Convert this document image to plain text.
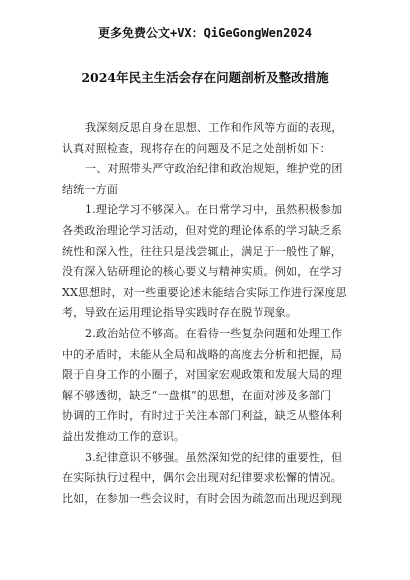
更多免费公文+VX：QiGeGongWen2024
2024年民主生活会存在问题剖析及整改措施
我深刻反思自身在思想、工作和作风等方面的表现，
认真对照检查，现将存在的问题及不足之处剖析如下：
一、对照带头严守政治纪律和政治规矩，维护党的团
结统一方面
1.理论学习不够深入。在日常学习中，虽然积极参加
各类政治理论学习活动，但对党的理论体系的学习缺乏系
统性和深入性，往往只是浅尝辄止，满足于一般性了解，
没有深入钻研理论的核心要义与精神实质。例如，在学习
XX思想时，对一些重要论述未能结合实际工作进行深度思
考，导致在运用理论指导实践时存在脱节现象。
2.政治站位不够高。在看待一些复杂问题和处理工作
中的矛盾时，未能从全局和战略的高度去分析和把握，局
限于自身工作的小圈子，对国家宏观政策和发展大局的理
解不够透彻，缺乏“一盘棋”的思想，在面对涉及多部门
协调的工作时，有时过于关注本部门利益，缺乏从整体利
益出发推动工作的意识。
3.纪律意识不够强。虽然深知党的纪律的重要性，但
在实际执行过程中，偶尔会出现对纪律要求松懈的情况。
比如，在参加一些会议时，有时会因为疏忽而出现迟到现
